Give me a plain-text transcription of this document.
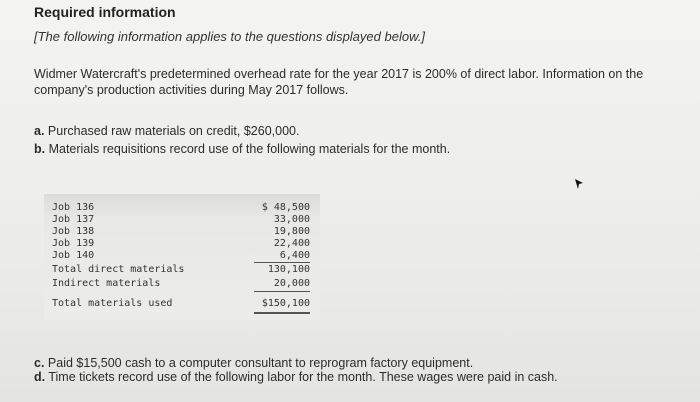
Required information
[The following information applies to the questions displayed below.]
Widmer Watercraft's predetermined overhead rate for the year 2017 is 200% of direct labor. Information on the company's production activities during May 2017 follows.
a. Purchased raw materials on credit, $260,000.
b. Materials requisitions record use of the following materials for the month.
Job 136	$ 48,500
Job 137	33,000
Job 138	19,800
Job 139	22,400
Job 140	6,400
Total direct materials	130,100
Indirect materials	20,000
Total materials used	$150,100
c. Paid $15,500 cash to a computer consultant to reprogram factory equipment.
d. Time tickets record use of the following labor for the month. These wages were paid in cash.
